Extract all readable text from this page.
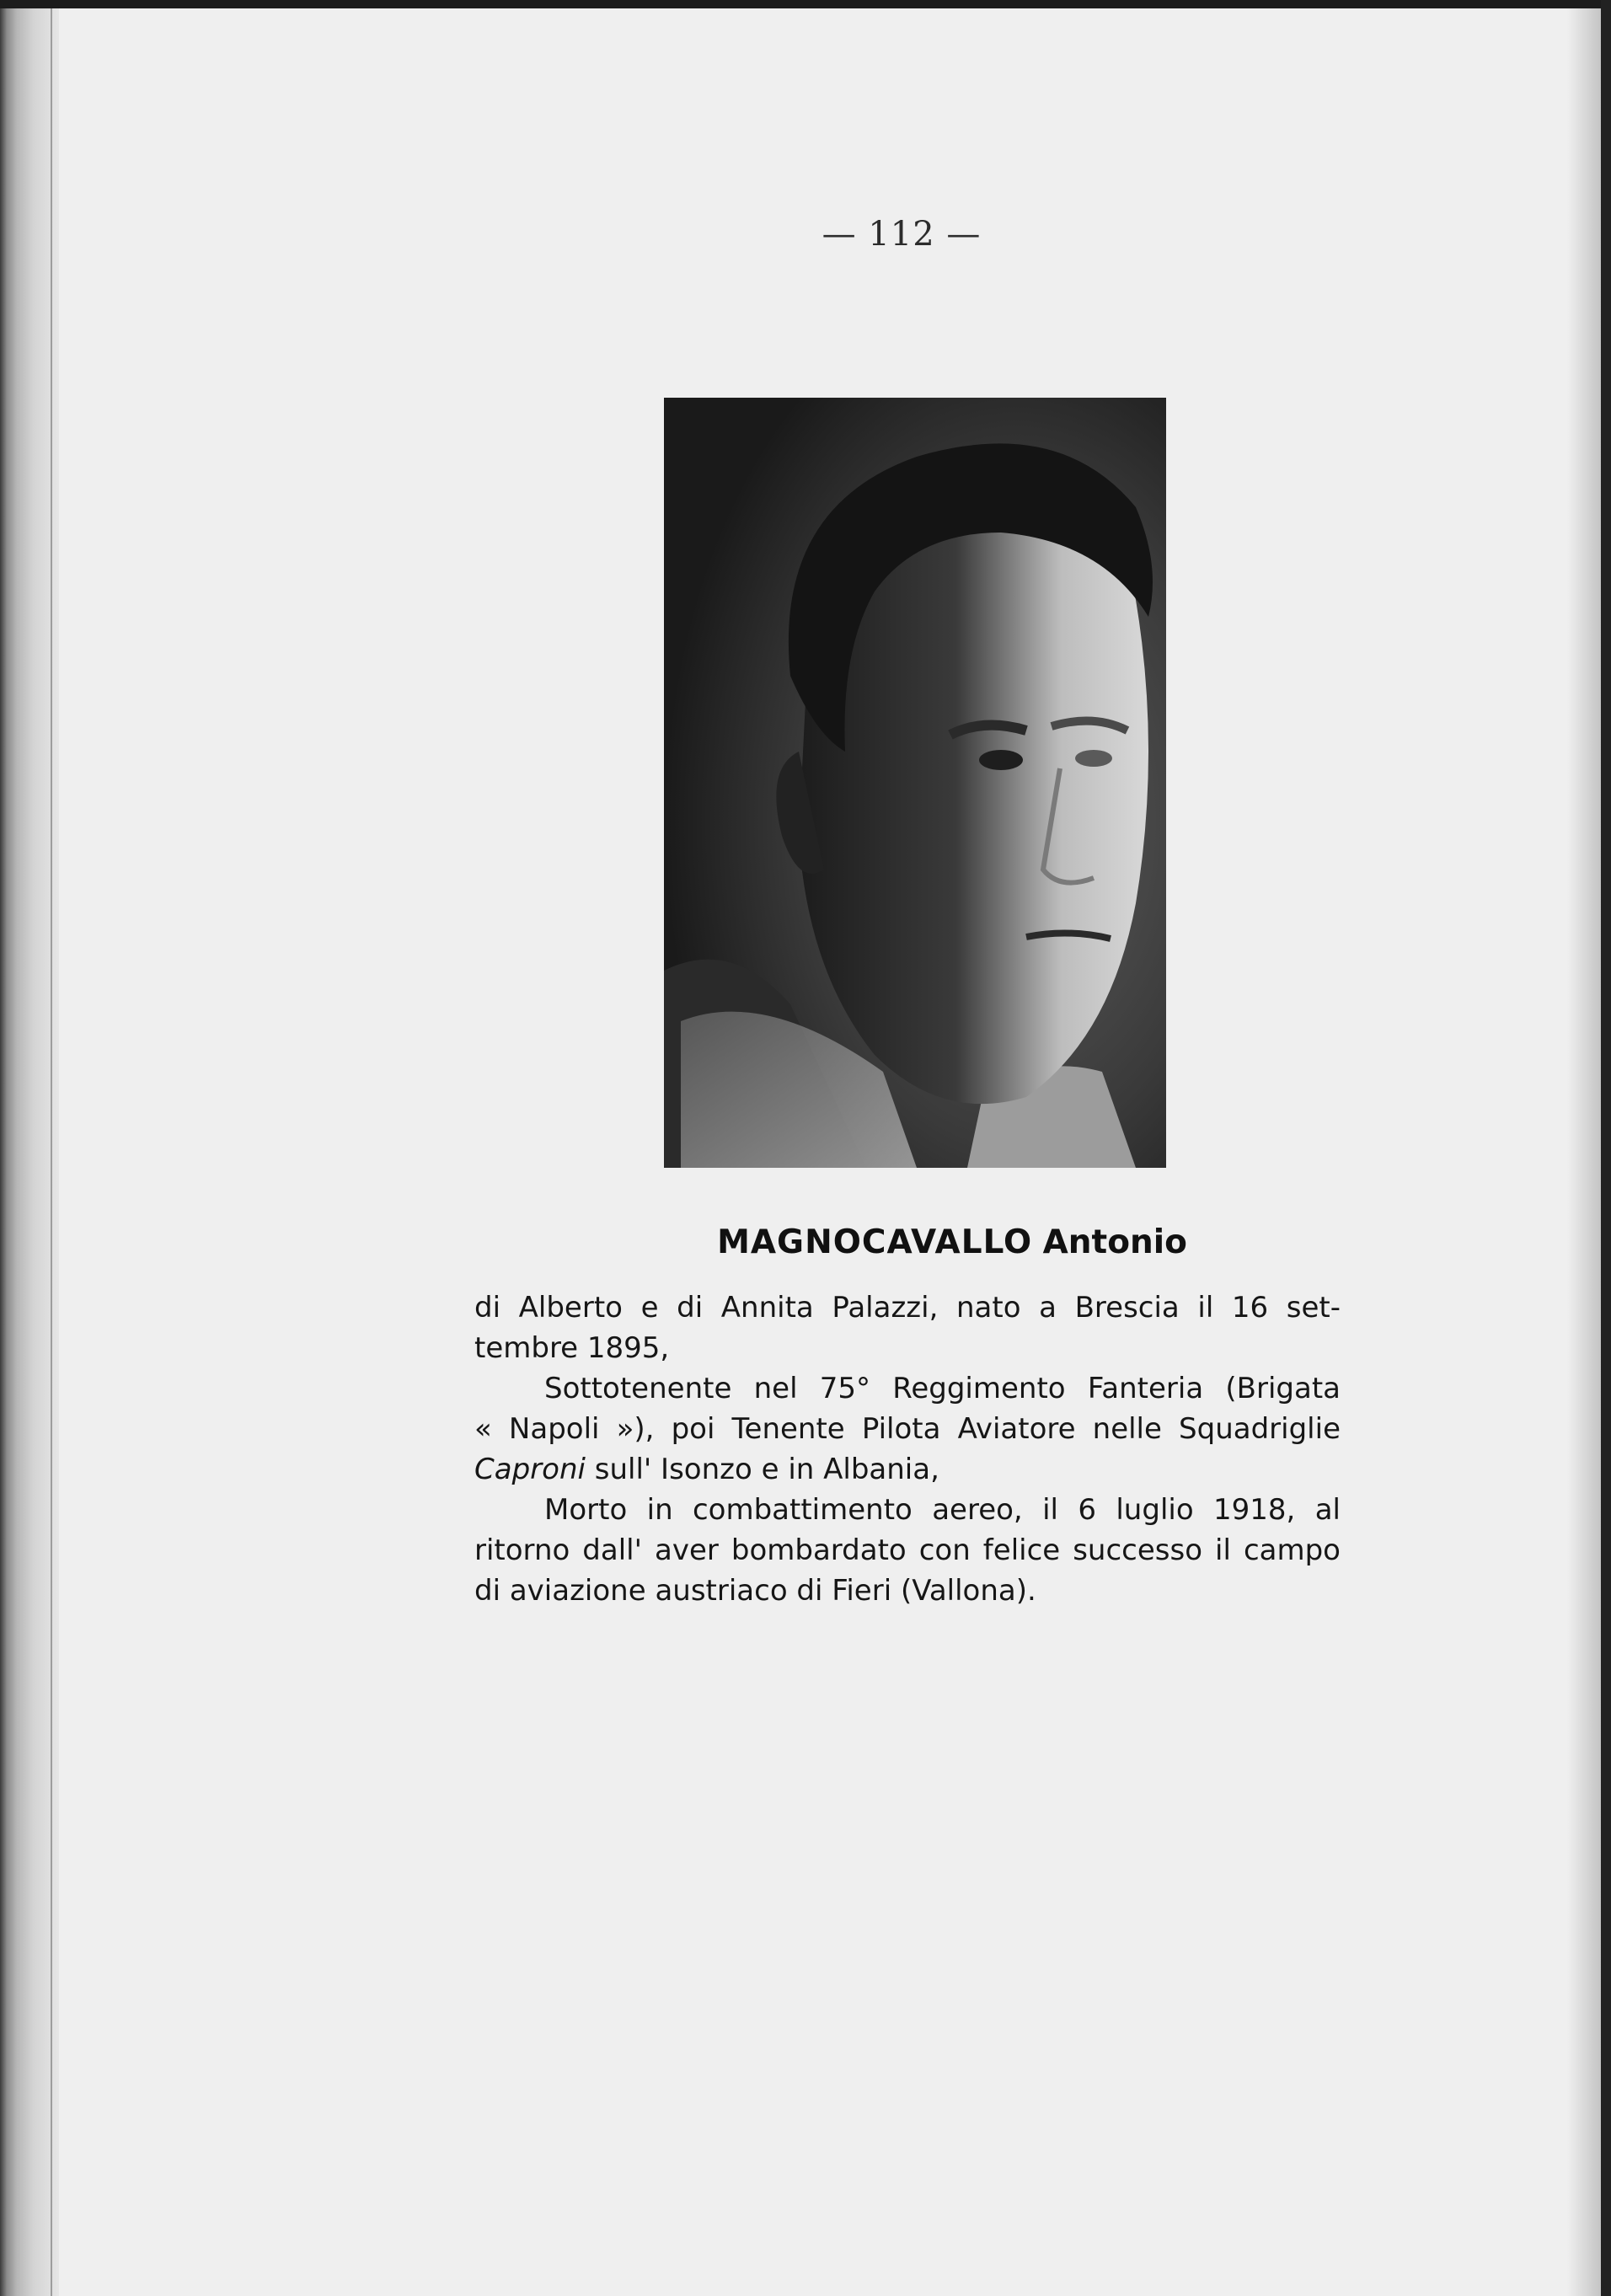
— 112 —
MAGNOCAVALLO Antonio
di Alberto e di Annita Palazzi, nato a Brescia il 16 set-
tembre 1895,
Sottotenente nel 75° Reggimento Fanteria (Brigata
« Napoli »), poi Tenente Pilota Aviatore nelle Squadriglie
Caproni sull' Isonzo e in Albania,
Morto in combattimento aereo, il 6 luglio 1918, al
ritorno dall' aver bombardato con felice successo il campo
di aviazione austriaco di Fieri (Vallona).
